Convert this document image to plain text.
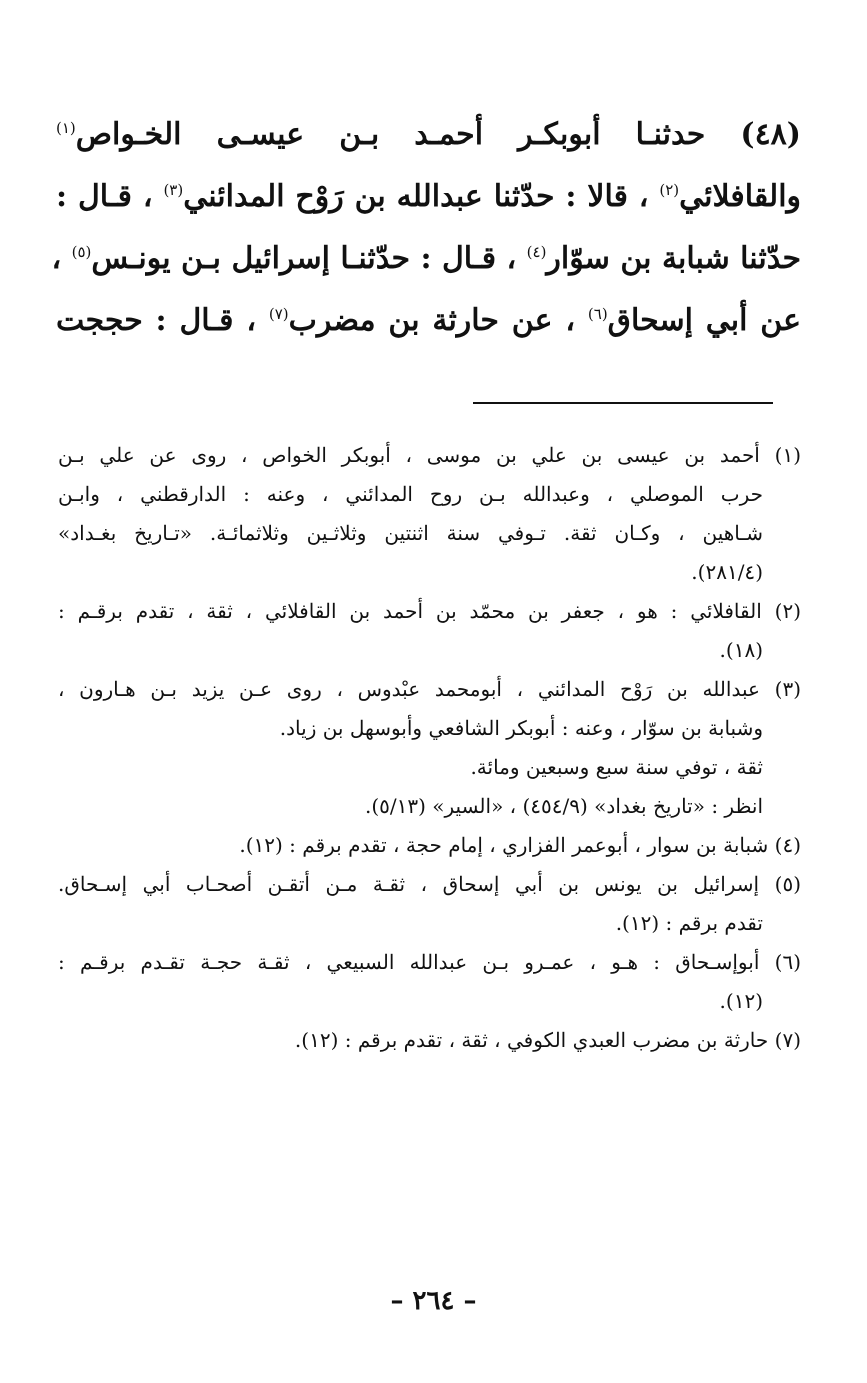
(٤٨) حدثنـا أبوبكـر أحمـد بـن عيسـى الخـواص$^{(١)}$
والقافلائي$^{(٢)}$ ، قالا : حدّثنا عبدالله بن رَوْح المدائني$^{(٣)}$ ، قـال :
حدّثنا شبابة بن سوّار$^{(٤)}$ ، قـال : حدّثنـا إسرائيل بـن يونـس$^{(٥)}$ ،
عن أبي إسحاق$^{(٦)}$ ، عن حارثة بن مضرب$^{(٧)}$ ، قـال : حججت
(١) أحمد بن عيسى بن علي بن موسى ، أبوبكر الخواص ، روى عن علي بـن
حرب الموصلي ، وعبدالله بـن روح المدائني ، وعنه : الدارقطني ، وابـن
شـاهين ، وكـان ثقة. تـوفي سنة اثنتين وثلاثـين وثلاثمائـة. «تـاريخ بغـداد»
(٢٨١/٤).
(٢) القافلائي : هو ، جعفر بن محمّد بن أحمد بن القافلائي ، ثقة ، تقدم برقـم :
(١٨).
(٣) عبدالله بن رَوْح المدائني ، أبومحمد عبْدوس ، روى عـن يزيد بـن هـارون ،
وشبابة بن سوّار ، وعنه : أبوبكر الشافعي وأبوسهل بن زياد.
ثقة ، توفي سنة سبع وسبعين ومائة.
انظر : «تاريخ بغداد» (٤٥٤/٩) ، «السير» (٥/١٣).
(٤) شبابة بن سوار ، أبوعمر الفزاري ، إمام حجة ، تقدم برقم : (١٢).
(٥) إسرائيل بن يونس بن أبي إسحاق ، ثقـة مـن أتقـن أصحـاب أبي إسـحاق.
تقدم برقم : (١٢).
(٦) أبوإسـحاق : هـو ، عمـرو بـن عبدالله السبيعي ، ثقـة حجـة تقـدم برقـم :
(١٢).
(٧) حارثة بن مضرب العبدي الكوفي ، ثقة ، تقدم برقم : (١٢).
– ٢٦٤ –
